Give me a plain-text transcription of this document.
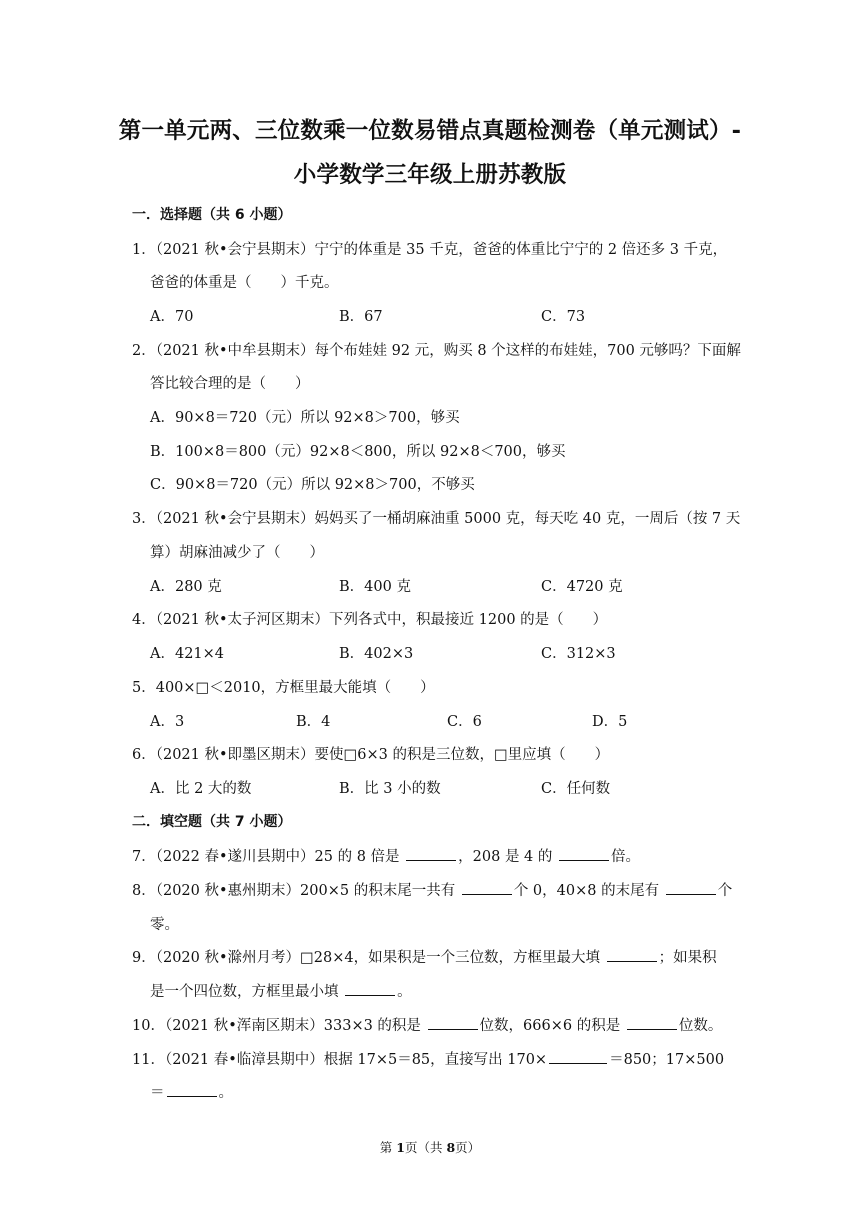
第一单元两、三位数乘一位数易错点真题检测卷（单元测试）-
小学数学三年级上册苏教版
一．选择题（共 6 小题）
1．（2021 秋•会宁县期末）宁宁的体重是 35 千克，爸爸的体重比宁宁的 2 倍还多 3 千克，
爸爸的体重是（　　）千克。
A．70	B．67	C．73
2．（2021 秋•中牟县期末）每个布娃娃 92 元，购买 8 个这样的布娃娃，700 元够吗？下面解
答比较合理的是（　　）
A．90×8＝720（元）所以 92×8＞700，够买
B．100×8＝800（元）92×8＜800，所以 92×8＜700，够买
C．90×8＝720（元）所以 92×8＞700，不够买
3．（2021 秋•会宁县期末）妈妈买了一桶胡麻油重 5000 克，每天吃 40 克，一周后（按 7 天
算）胡麻油减少了（　　）
A．280 克	B．400 克	C．4720 克
4．（2021 秋•太子河区期末）下列各式中，积最接近 1200 的是（　　）
A．421×4	B．402×3	C．312×3
5．400×□＜2010，方框里最大能填（　　）
A．3	B．4	C．6	D．5
6．（2021 秋•即墨区期末）要使□6×3 的积是三位数，□里应填（　　）
A．比 2 大的数	B．比 3 小的数	C．任何数
二．填空题（共 7 小题）
7．（2022 春•遂川县期中）25 的 8 倍是	，208 是 4 的	倍。
8．（2020 秋•惠州期末）200×5 的积末尾一共有	个 0，40×8 的末尾有	个
零。
9．（2020 秋•滁州月考）□28×4，如果积是一个三位数，方框里最大填	；如果积
是一个四位数，方框里最小填	。
10．（2021 秋•浑南区期末）333×3 的积是	位数，666×6 的积是	位数。
11．（2021 春•临漳县期中）根据 17×5＝85，直接写出 170×	＝850；17×500
＝	。
第 1页（共 8页）
